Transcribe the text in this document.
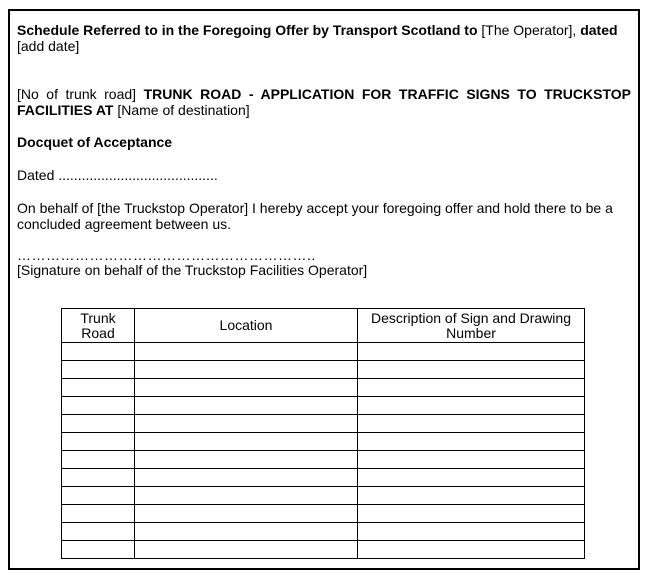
Schedule Referred to in the Foregoing Offer by Transport Scotland to [The Operator], dated [add date]

[No of trunk road] TRUNK ROAD - APPLICATION FOR TRAFFIC SIGNS TO TRUCKSTOP FACILITIES AT [Name of destination]

Docquet of Acceptance

Dated .........................................

On behalf of [the Truckstop Operator] I hereby accept your foregoing offer and hold there to be a concluded agreement between us.

……………………………………………………..
[Signature on behalf of the Truckstop Facilities Operator]
Trunk Road	Location	Description of Sign and Drawing Number
